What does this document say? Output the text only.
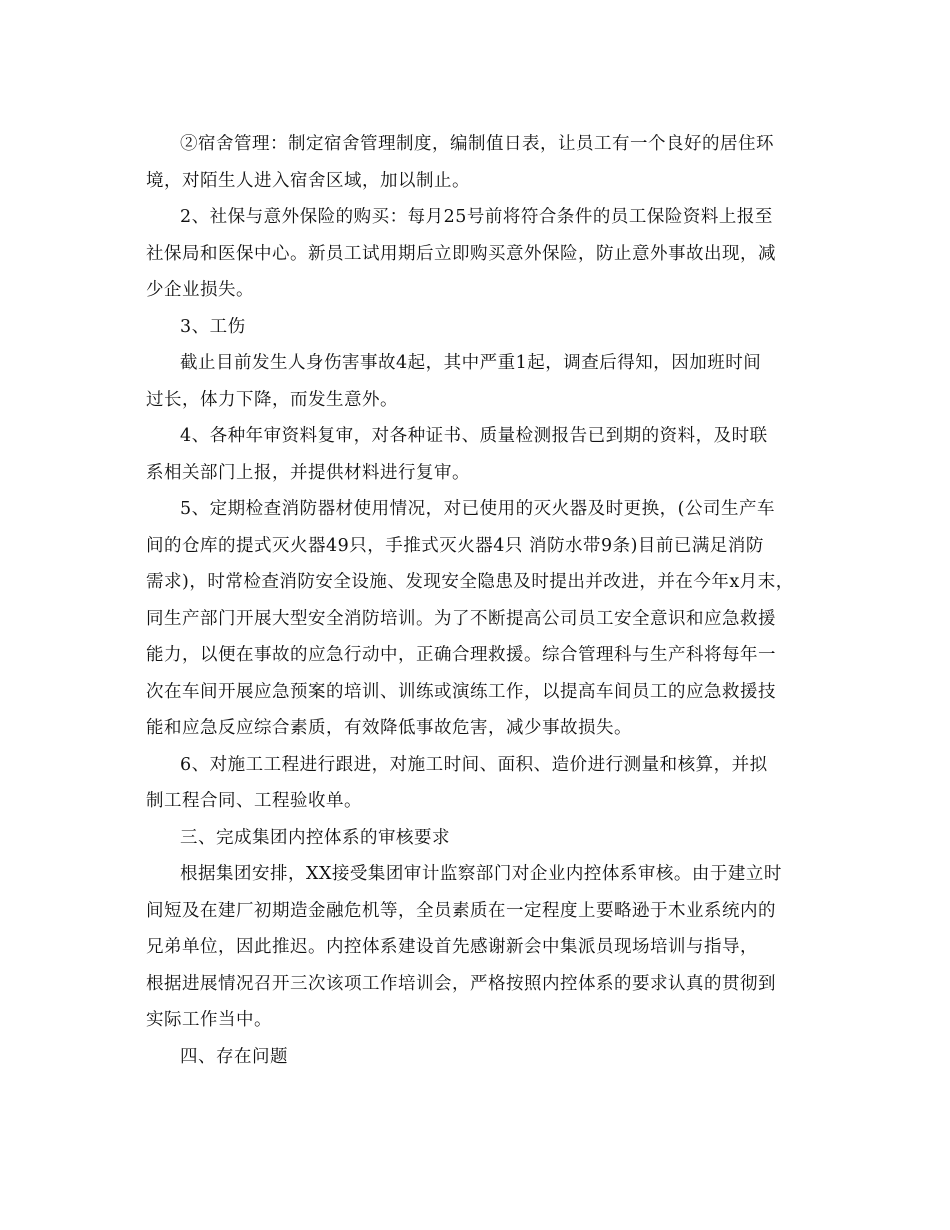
②宿舍管理：制定宿舍管理制度，编制值日表，让员工有一个良好的居住环
境，对陌生人进入宿舍区域，加以制止。

2、社保与意外保险的购买：每月25号前将符合条件的员工保险资料上报至
社保局和医保中心。新员工试用期后立即购买意外保险，防止意外事故出现，减
少企业损失。

3、工伤

截止目前发生人身伤害事故4起，其中严重1起，调查后得知，因加班时间
过长，体力下降，而发生意外。

4、各种年审资料复审，对各种证书、质量检测报告已到期的资料，及时联
系相关部门上报，并提供材料进行复审。

5、定期检查消防器材使用情况，对已使用的灭火器及时更换，(公司生产车
间的仓库的提式灭火器49只，手推式灭火器4只 消防水带9条)目前已满足消防
需求)，时常检查消防安全设施、发现安全隐患及时提出并改进，并在今年x月末，
同生产部门开展大型安全消防培训。为了不断提高公司员工安全意识和应急救援
能力，以便在事故的应急行动中，正确合理救援。综合管理科与生产科将每年一
次在车间开展应急预案的培训、训练或演练工作，以提高车间员工的应急救援技
能和应急反应综合素质，有效降低事故危害，减少事故损失。

6、对施工工程进行跟进，对施工时间、面积、造价进行测量和核算，并拟
制工程合同、工程验收单。

三、完成集团内控体系的审核要求

根据集团安排，XX接受集团审计监察部门对企业内控体系审核。由于建立时
间短及在建厂初期造金融危机等，全员素质在一定程度上要略逊于木业系统内的
兄弟单位，因此推迟。内控体系建设首先感谢新会中集派员现场培训与指导，
根据进展情况召开三次该项工作培训会，严格按照内控体系的要求认真的贯彻到
实际工作当中。

四、存在问题
